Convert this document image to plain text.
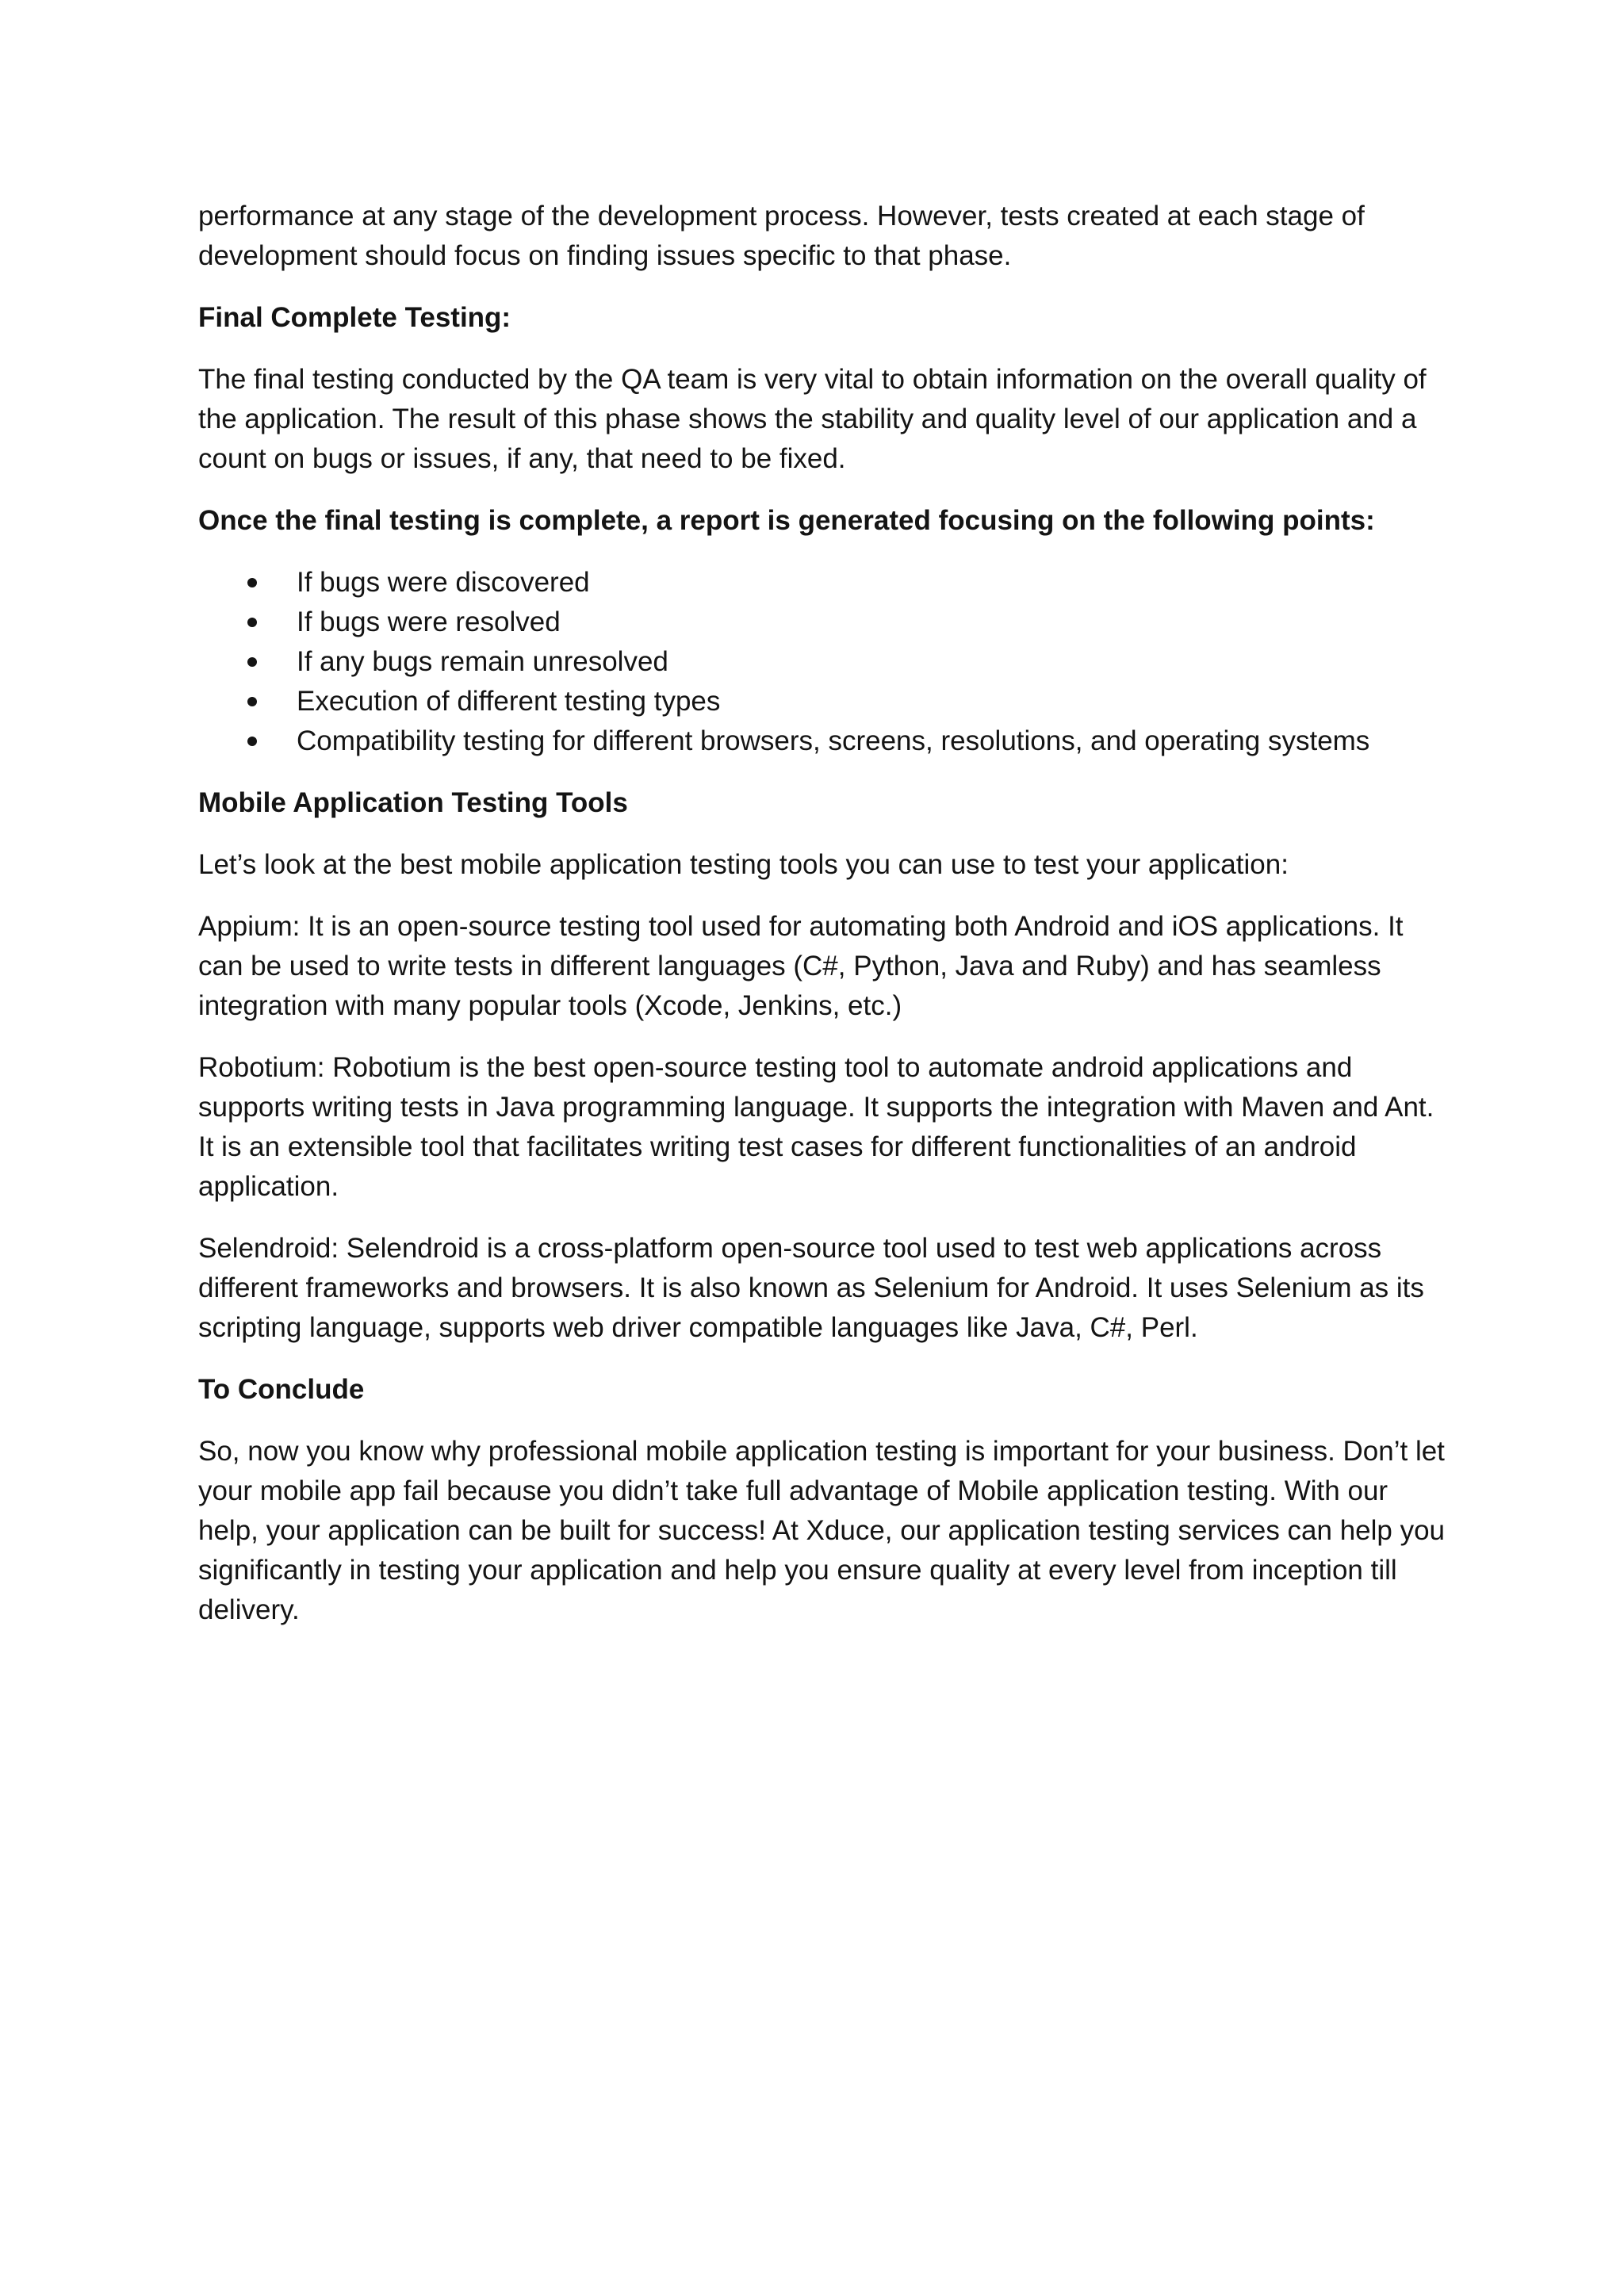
performance at any stage of the development process. However, tests created at each stage of development should focus on finding issues specific to that phase.

Final Complete Testing:

The final testing conducted by the QA team is very vital to obtain information on the overall quality of the application. The result of this phase shows the stability and quality level of our application and a count on bugs or issues, if any, that need to be fixed.

Once the final testing is complete, a report is generated focusing on the following points:

If bugs were discovered
If bugs were resolved
If any bugs remain unresolved
Execution of different testing types
Compatibility testing for different browsers, screens, resolutions, and operating systems

Mobile Application Testing Tools

Let’s look at the best mobile application testing tools you can use to test your application:

Appium: It is an open-source testing tool used for automating both Android and iOS applications. It can be used to write tests in different languages (C#, Python, Java and Ruby) and has seamless integration with many popular tools (Xcode, Jenkins, etc.)

Robotium: Robotium is the best open-source testing tool to automate android applications and supports writing tests in Java programming language. It supports the integration with Maven and Ant. It is an extensible tool that facilitates writing test cases for different functionalities of an android application.

Selendroid: Selendroid is a cross-platform open-source tool used to test web applications across different frameworks and browsers. It is also known as Selenium for Android. It uses Selenium as its scripting language, supports web driver compatible languages like Java, C#, Perl.

To Conclude

So, now you know why professional mobile application testing is important for your business. Don’t let your mobile app fail because you didn’t take full advantage of Mobile application testing. With our help, your application can be built for success! At Xduce, our application testing services can help you significantly in testing your application and help you ensure quality at every level from inception till delivery.
